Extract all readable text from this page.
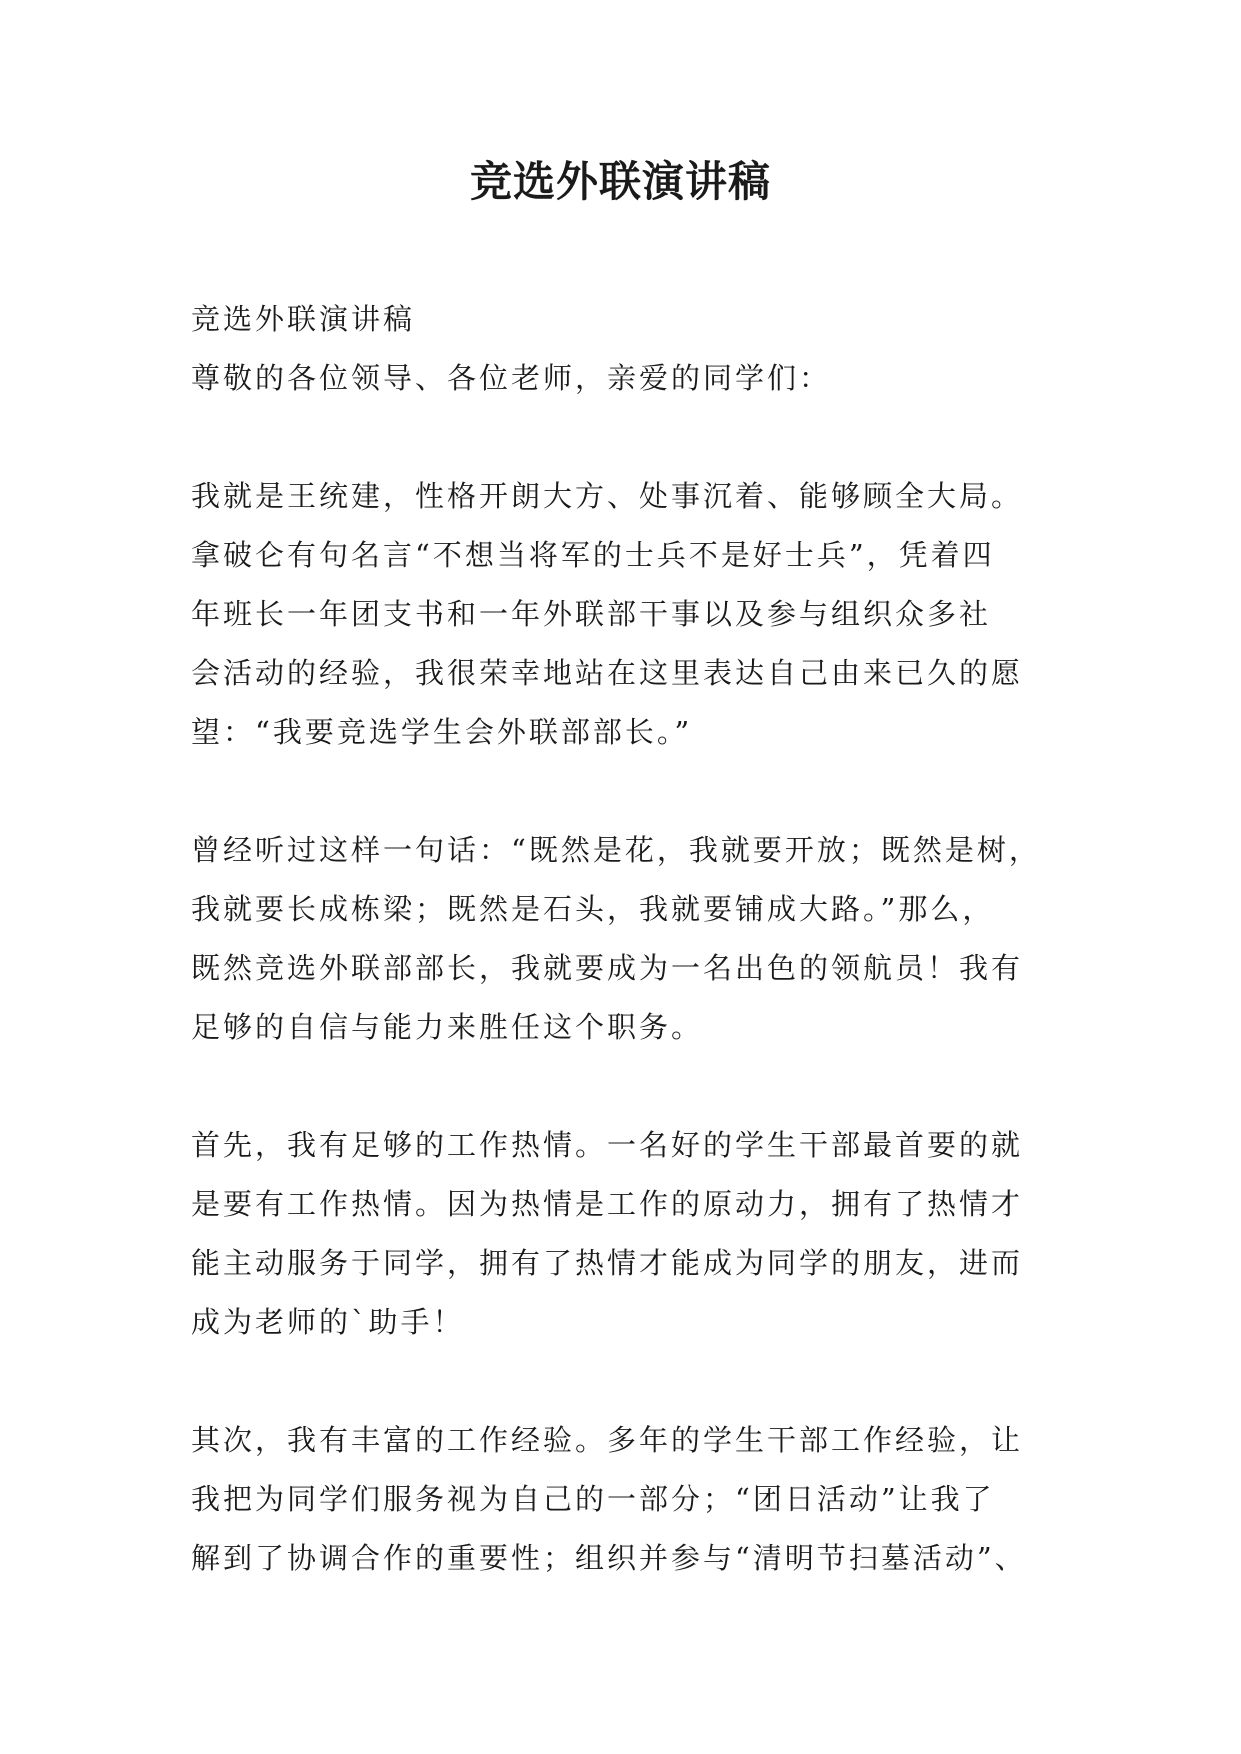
竞选外联演讲稿
竞选外联演讲稿
尊敬的各位领导、各位老师，亲爱的同学们：
我就是王统建，性格开朗大方、处事沉着、能够顾全大局。
拿破仑有句名言“不想当将军的士兵不是好士兵”，凭着四
年班长一年团支书和一年外联部干事以及参与组织众多社
会活动的经验，我很荣幸地站在这里表达自己由来已久的愿
望：“我要竞选学生会外联部部长。”
曾经听过这样一句话：“既然是花，我就要开放；既然是树，
我就要长成栋梁；既然是石头，我就要铺成大路。”那么，
既然竞选外联部部长，我就要成为一名出色的领航员！我有
足够的自信与能力来胜任这个职务。
首先，我有足够的工作热情。一名好的学生干部最首要的就
是要有工作热情。因为热情是工作的原动力，拥有了热情才
能主动服务于同学，拥有了热情才能成为同学的朋友，进而
成为老师的`助手！
其次，我有丰富的工作经验。多年的学生干部工作经验，让
我把为同学们服务视为自己的一部分；“团日活动”让我了
解到了协调合作的重要性；组织并参与“清明节扫墓活动”、
